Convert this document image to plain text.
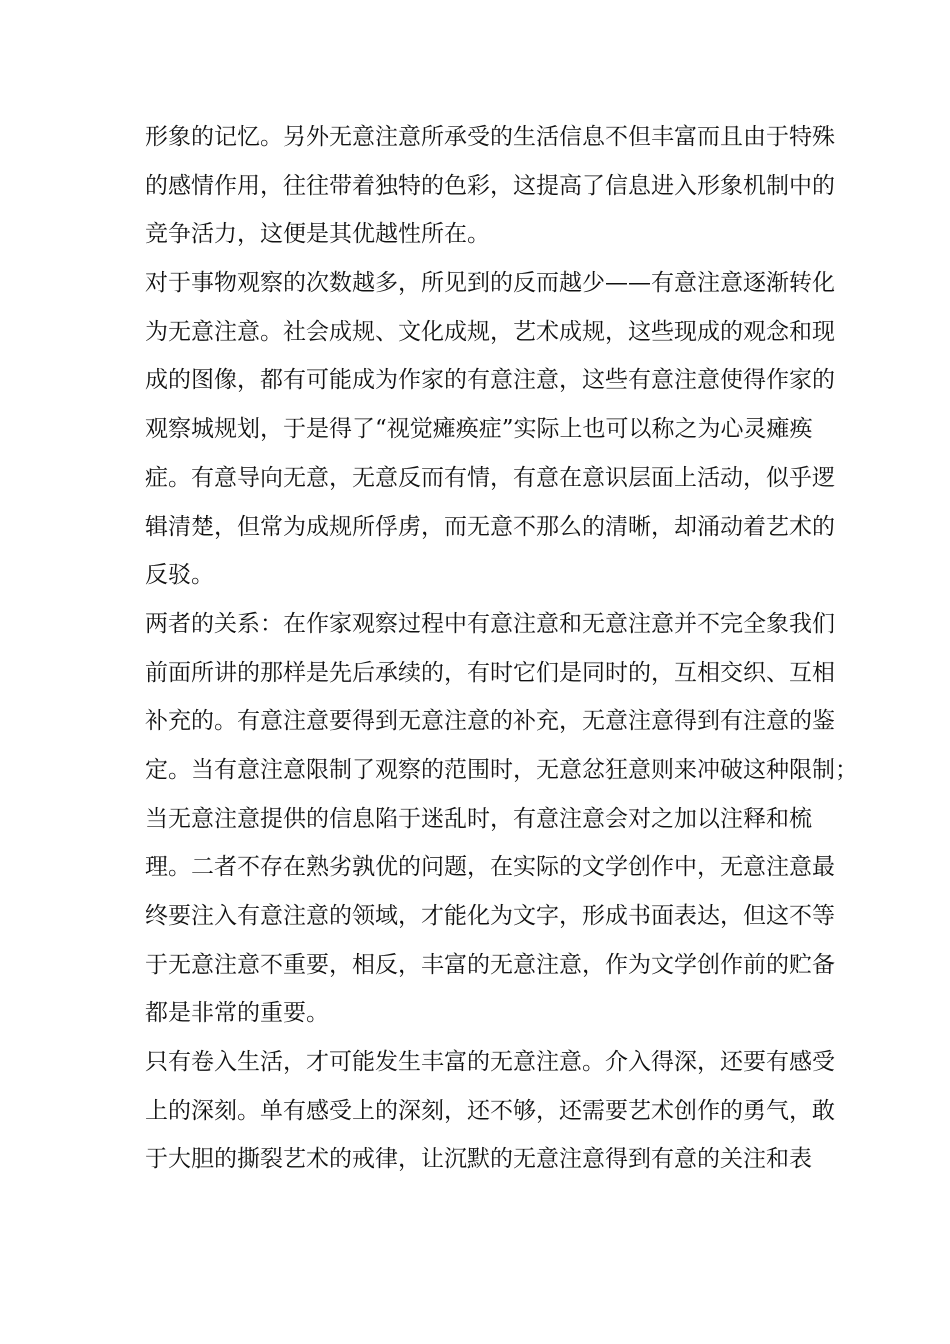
形象的记忆。另外无意注意所承受的生活信息不但丰富而且由于特殊
的感情作用，往往带着独特的色彩，这提高了信息进入形象机制中的
竞争活力，这便是其优越性所在。
对于事物观察的次数越多，所见到的反而越少——有意注意逐渐转化
为无意注意。社会成规、文化成规，艺术成规，这些现成的观念和现
成的图像，都有可能成为作家的有意注意，这些有意注意使得作家的
观察城规划，于是得了“视觉瘫痪症”实际上也可以称之为心灵瘫痪
症。有意导向无意，无意反而有情，有意在意识层面上活动，似乎逻
辑清楚，但常为成规所俘虏，而无意不那么的清晰，却涌动着艺术的
反驳。
两者的关系：在作家观察过程中有意注意和无意注意并不完全象我们
前面所讲的那样是先后承续的，有时它们是同时的，互相交织、互相
补充的。有意注意要得到无意注意的补充，无意注意得到有注意的鉴
定。当有意注意限制了观察的范围时，无意忿狂意则来冲破这种限制；
当无意注意提供的信息陷于迷乱时，有意注意会对之加以注释和梳
理。二者不存在熟劣孰优的问题，在实际的文学创作中，无意注意最
终要注入有意注意的领域，才能化为文字，形成书面表达，但这不等
于无意注意不重要，相反，丰富的无意注意，作为文学创作前的贮备
都是非常的重要。
只有卷入生活，才可能发生丰富的无意注意。介入得深，还要有感受
上的深刻。单有感受上的深刻，还不够，还需要艺术创作的勇气，敢
于大胆的撕裂艺术的戒律，让沉默的无意注意得到有意的关注和表
